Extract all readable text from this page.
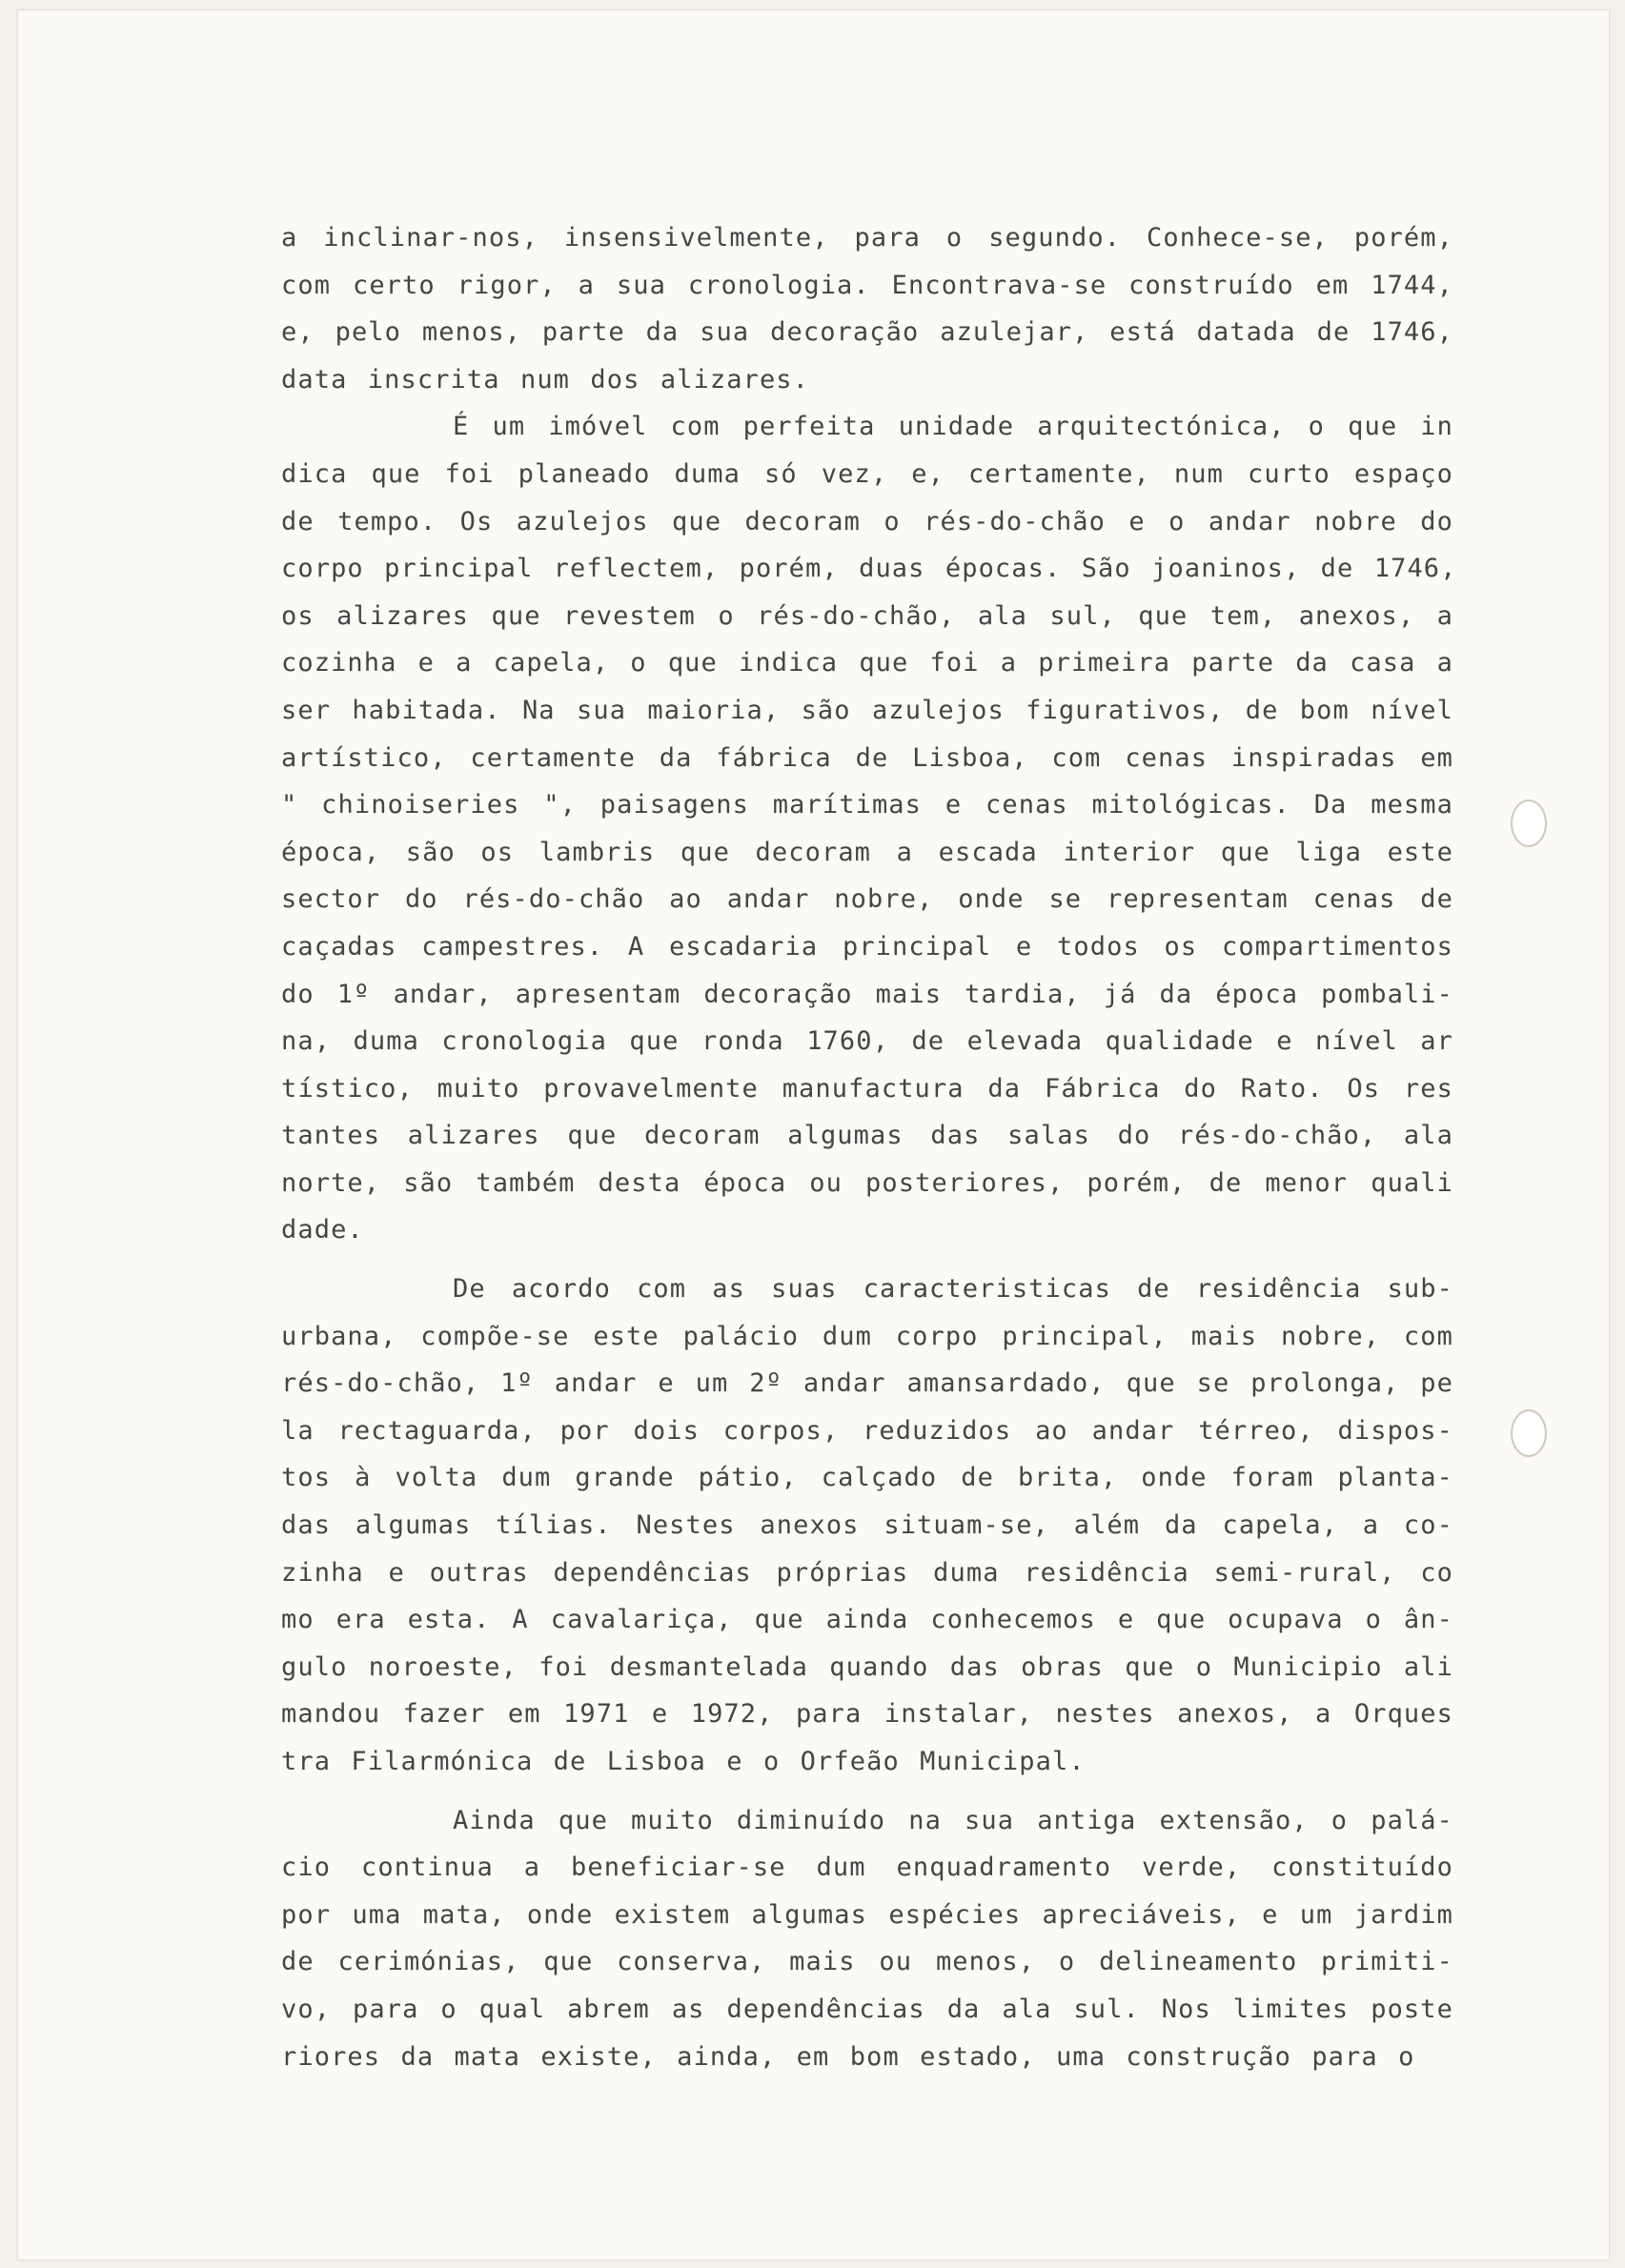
a inclinar-nos, insensivelmente, para o segundo. Conhece-se, porém,
com certo rigor, a sua cronologia. Encontrava-se construído em 1744,
e, pelo menos, parte da sua decoração azulejar, está datada de 1746,
data inscrita num dos alizares.
É um imóvel com perfeita unidade arquitectónica, o que in
dica que foi planeado duma só vez, e, certamente, num curto espaço
de tempo. Os azulejos que decoram o rés-do-chão e o andar nobre do
corpo principal reflectem, porém, duas épocas. São joaninos, de 1746,
os alizares que revestem o rés-do-chão, ala sul, que tem, anexos, a
cozinha e a capela, o que indica que foi a primeira parte da casa a
ser habitada. Na sua maioria, são azulejos figurativos, de bom nível
artístico, certamente da fábrica de Lisboa, com cenas inspiradas em
" chinoiseries ", paisagens marítimas e cenas mitológicas. Da mesma
época, são os lambris que decoram a escada interior que liga este
sector do rés-do-chão ao andar nobre, onde se representam cenas de
caçadas campestres. A escadaria principal e todos os compartimentos
do 1º andar, apresentam decoração mais tardia, já da época pombali-
na, duma cronologia que ronda 1760, de elevada qualidade e nível ar
tístico, muito provavelmente manufactura da Fábrica do Rato. Os res
tantes alizares que decoram algumas das salas do rés-do-chão, ala
norte, são também desta época ou posteriores, porém, de menor quali
dade.
De acordo com as suas caracteristicas de residência sub-
urbana, compõe-se este palácio dum corpo principal, mais nobre, com
rés-do-chão, 1º andar e um 2º andar amansardado, que se prolonga, pe
la rectaguarda, por dois corpos, reduzidos ao andar térreo, dispos-
tos à volta dum grande pátio, calçado de brita, onde foram planta-
das algumas tílias. Nestes anexos situam-se, além da capela, a co-
zinha e outras dependências próprias duma residência semi-rural, co
mo era esta. A cavalariça, que ainda conhecemos e que ocupava o ân-
gulo noroeste, foi desmantelada quando das obras que o Municipio ali
mandou fazer em 1971 e 1972, para instalar, nestes anexos, a Orques
tra Filarmónica de Lisboa e o Orfeão Municipal.
Ainda que muito diminuído na sua antiga extensão, o palá-
cio continua a beneficiar-se dum enquadramento verde, constituído
por uma mata, onde existem algumas espécies apreciáveis, e um jardim
de cerimónias, que conserva, mais ou menos, o delineamento primiti-
vo, para o qual abrem as dependências da ala sul. Nos limites poste
riores da mata existe, ainda, em bom estado, uma construção para o
